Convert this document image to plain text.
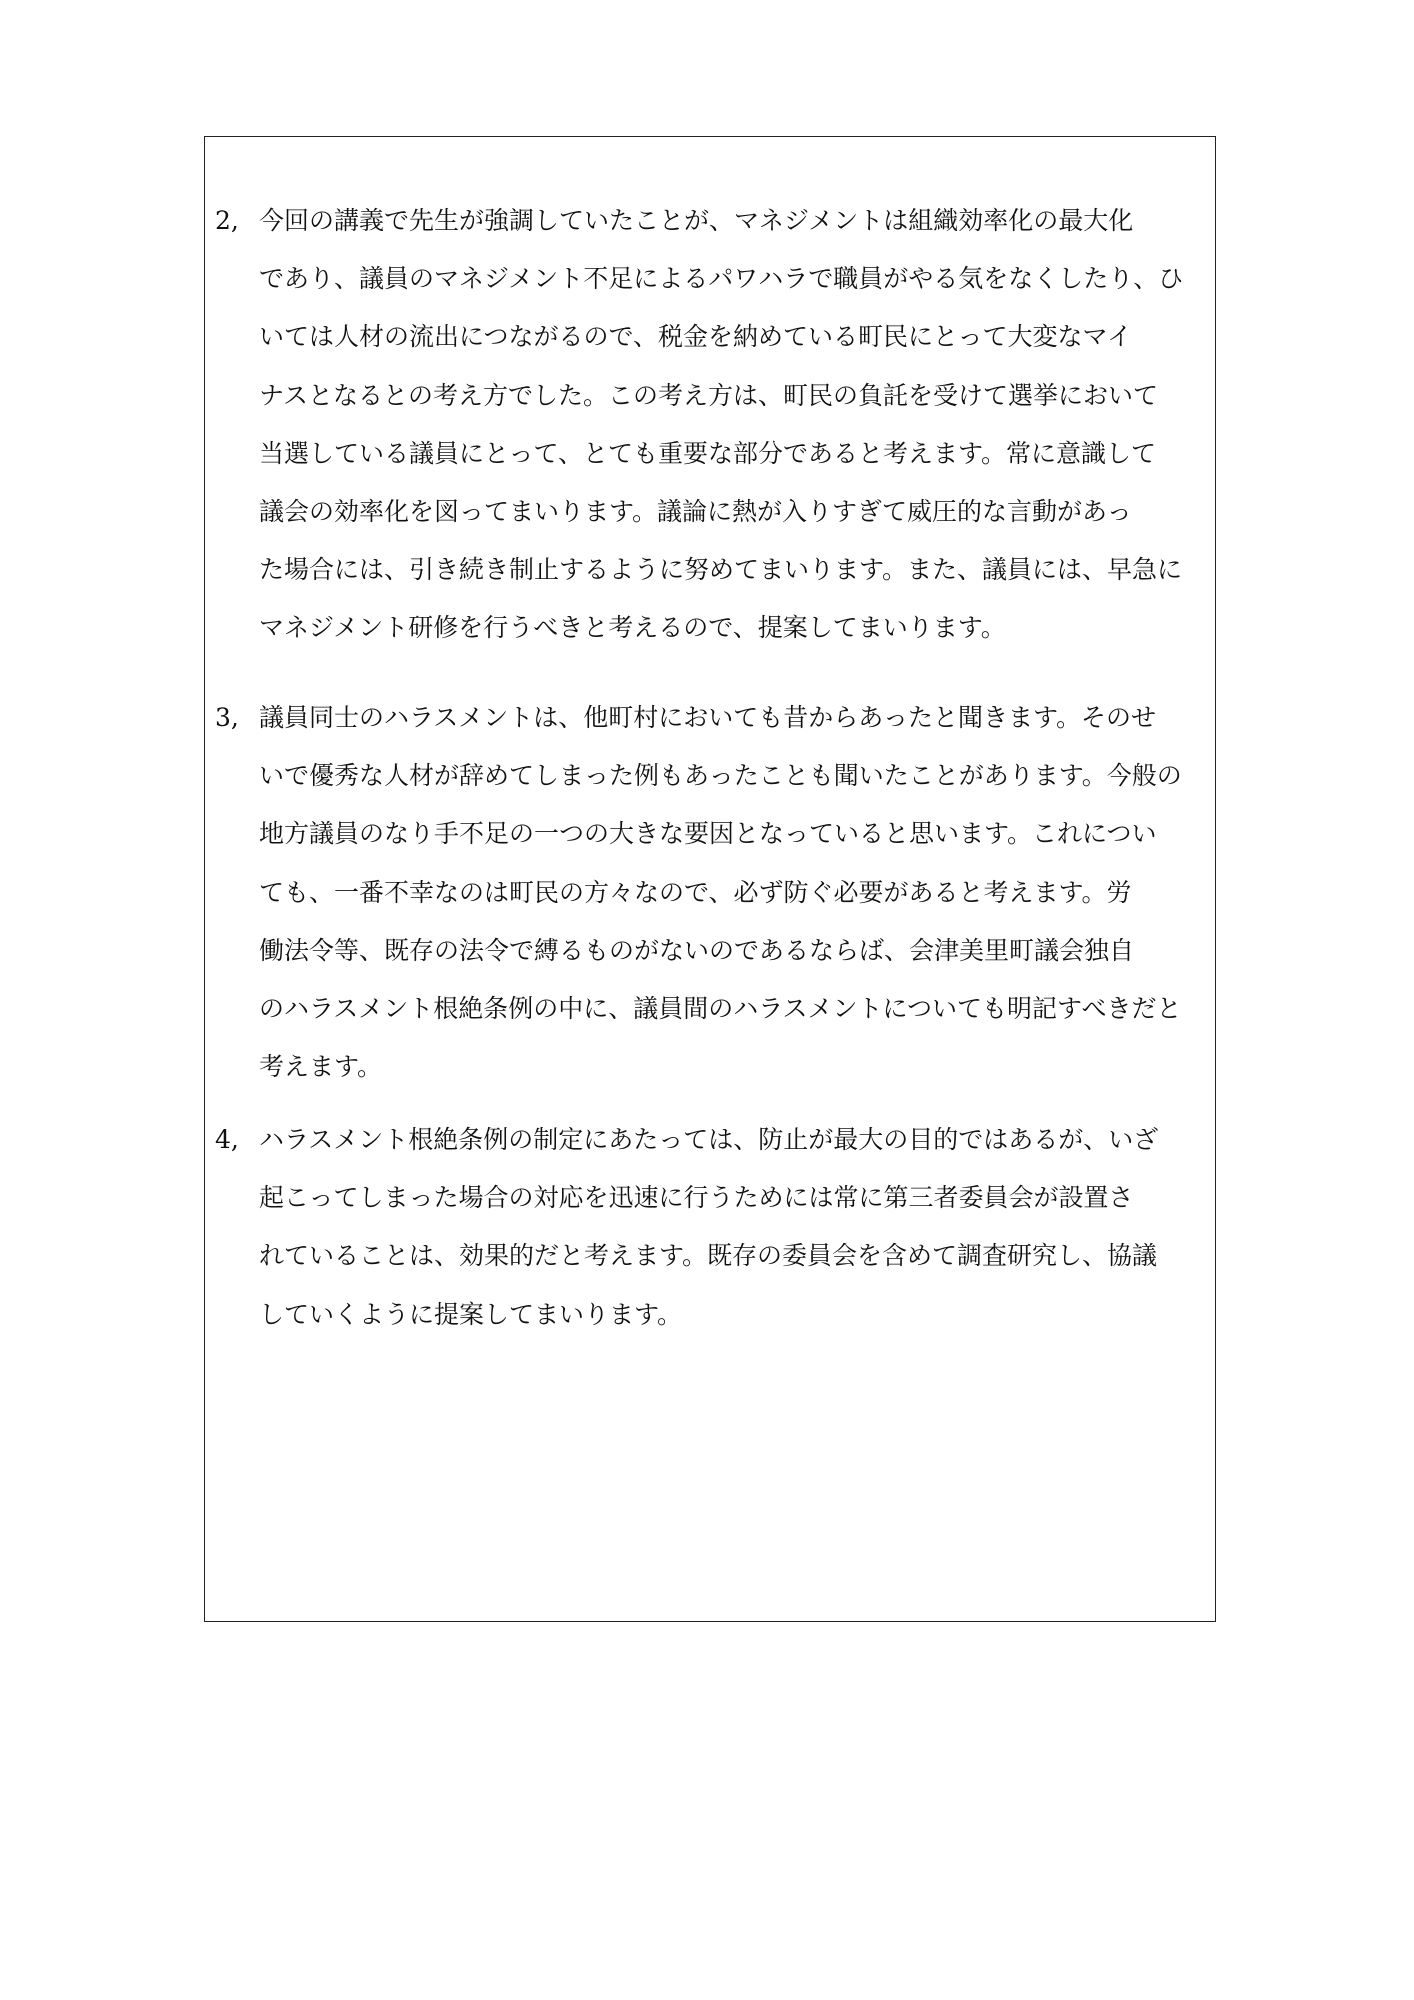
2, 今回の講義で先生が強調していたことが、マネジメントは組織効率化の最大化
であり、議員のマネジメント不足によるパワハラで職員がやる気をなくしたり、ひ
いては人材の流出につながるので、税金を納めている町民にとって大変なマイ
ナスとなるとの考え方でした。この考え方は、町民の負託を受けて選挙において
当選している議員にとって、とても重要な部分であると考えます。常に意識して
議会の効率化を図ってまいります。議論に熱が入りすぎて威圧的な言動があっ
た場合には、引き続き制止するように努めてまいります。また、議員には、早急に
マネジメント研修を行うべきと考えるので、提案してまいります。
3, 議員同士のハラスメントは、他町村においても昔からあったと聞きます。そのせ
いで優秀な人材が辞めてしまった例もあったことも聞いたことがあります。今般の
地方議員のなり手不足の一つの大きな要因となっていると思います。これについ
ても、一番不幸なのは町民の方々なので、必ず防ぐ必要があると考えます。労
働法令等、既存の法令で縛るものがないのであるならば、会津美里町議会独自
のハラスメント根絶条例の中に、議員間のハラスメントについても明記すべきだと
考えます。
4, ハラスメント根絶条例の制定にあたっては、防止が最大の目的ではあるが、いざ
起こってしまった場合の対応を迅速に行うためには常に第三者委員会が設置さ
れていることは、効果的だと考えます。既存の委員会を含めて調査研究し、協議
していくように提案してまいります。
